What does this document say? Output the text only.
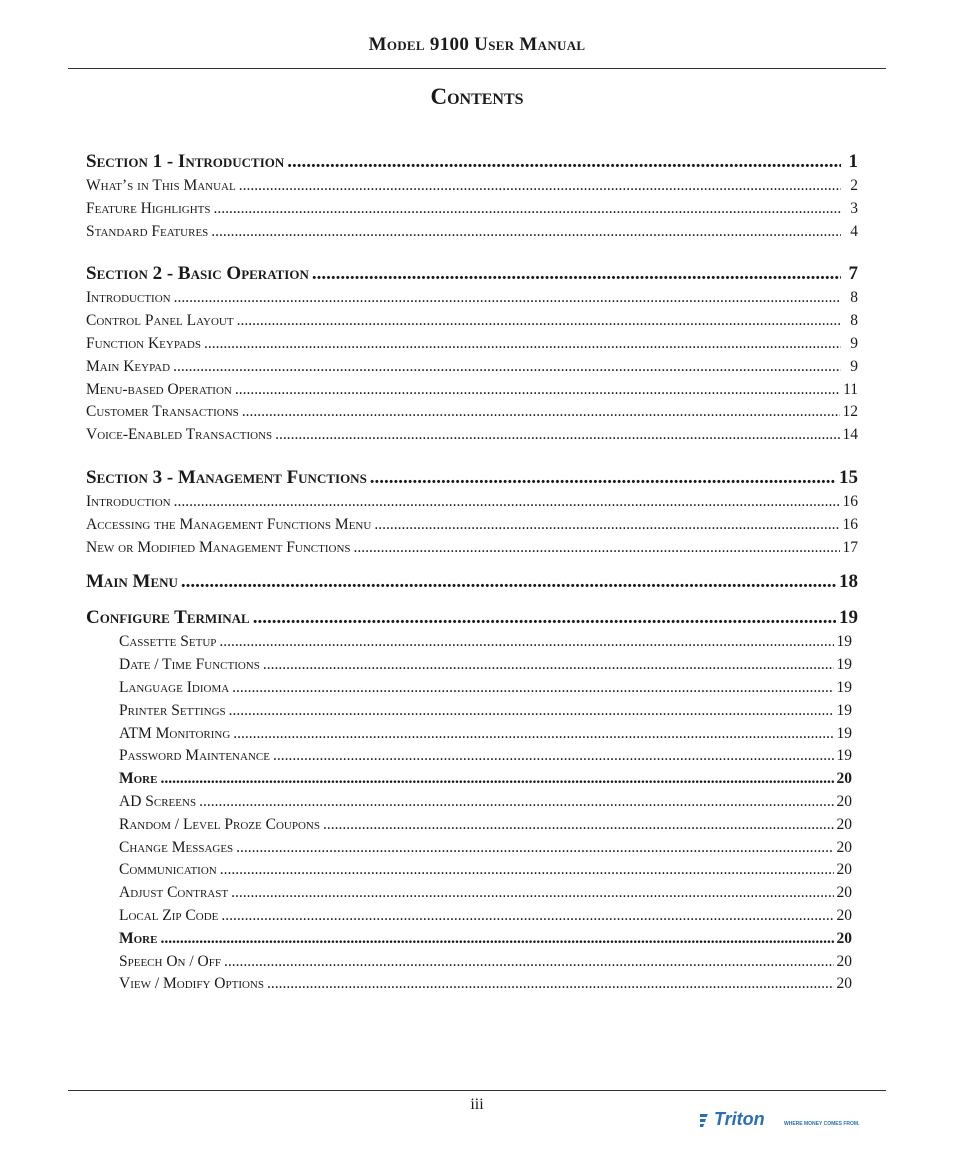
Model 9100 User Manual
Contents
Section 1 - Introduction .....	1
What’s in This Manual .....	2
Feature Highlights .....	3
Standard Features .....	4
Section 2 - Basic Operation .....	7
Introduction .....	8
Control Panel Layout .....	8
Function Keypads .....	9
Main Keypad .....	9
Menu-based Operation .....	11
Customer Transactions .....	12
Voice-Enabled Transactions .....	14
Section 3 - Management Functions .....	15
Introduction .....	16
Accessing the Management Functions Menu .....	16
New or Modified Management Functions .....	17
Main Menu .....	18
Configure Terminal .....	19
Cassette Setup .....	19
Date / Time Functions .....	19
Language Idioma .....	19
Printer Settings .....	19
ATM Monitoring .....	19
Password Maintenance .....	19
More .....	20
AD Screens .....	20
Random / Level Proze Coupons .....	20
Change Messages .....	20
Communication .....	20
Adjust Contrast .....	20
Local Zip Code .....	20
More .....	20
Speech On / Off .....	20
View / Modify Options .....	20
iii
Triton	WHERE MONEY COMES FROM.
